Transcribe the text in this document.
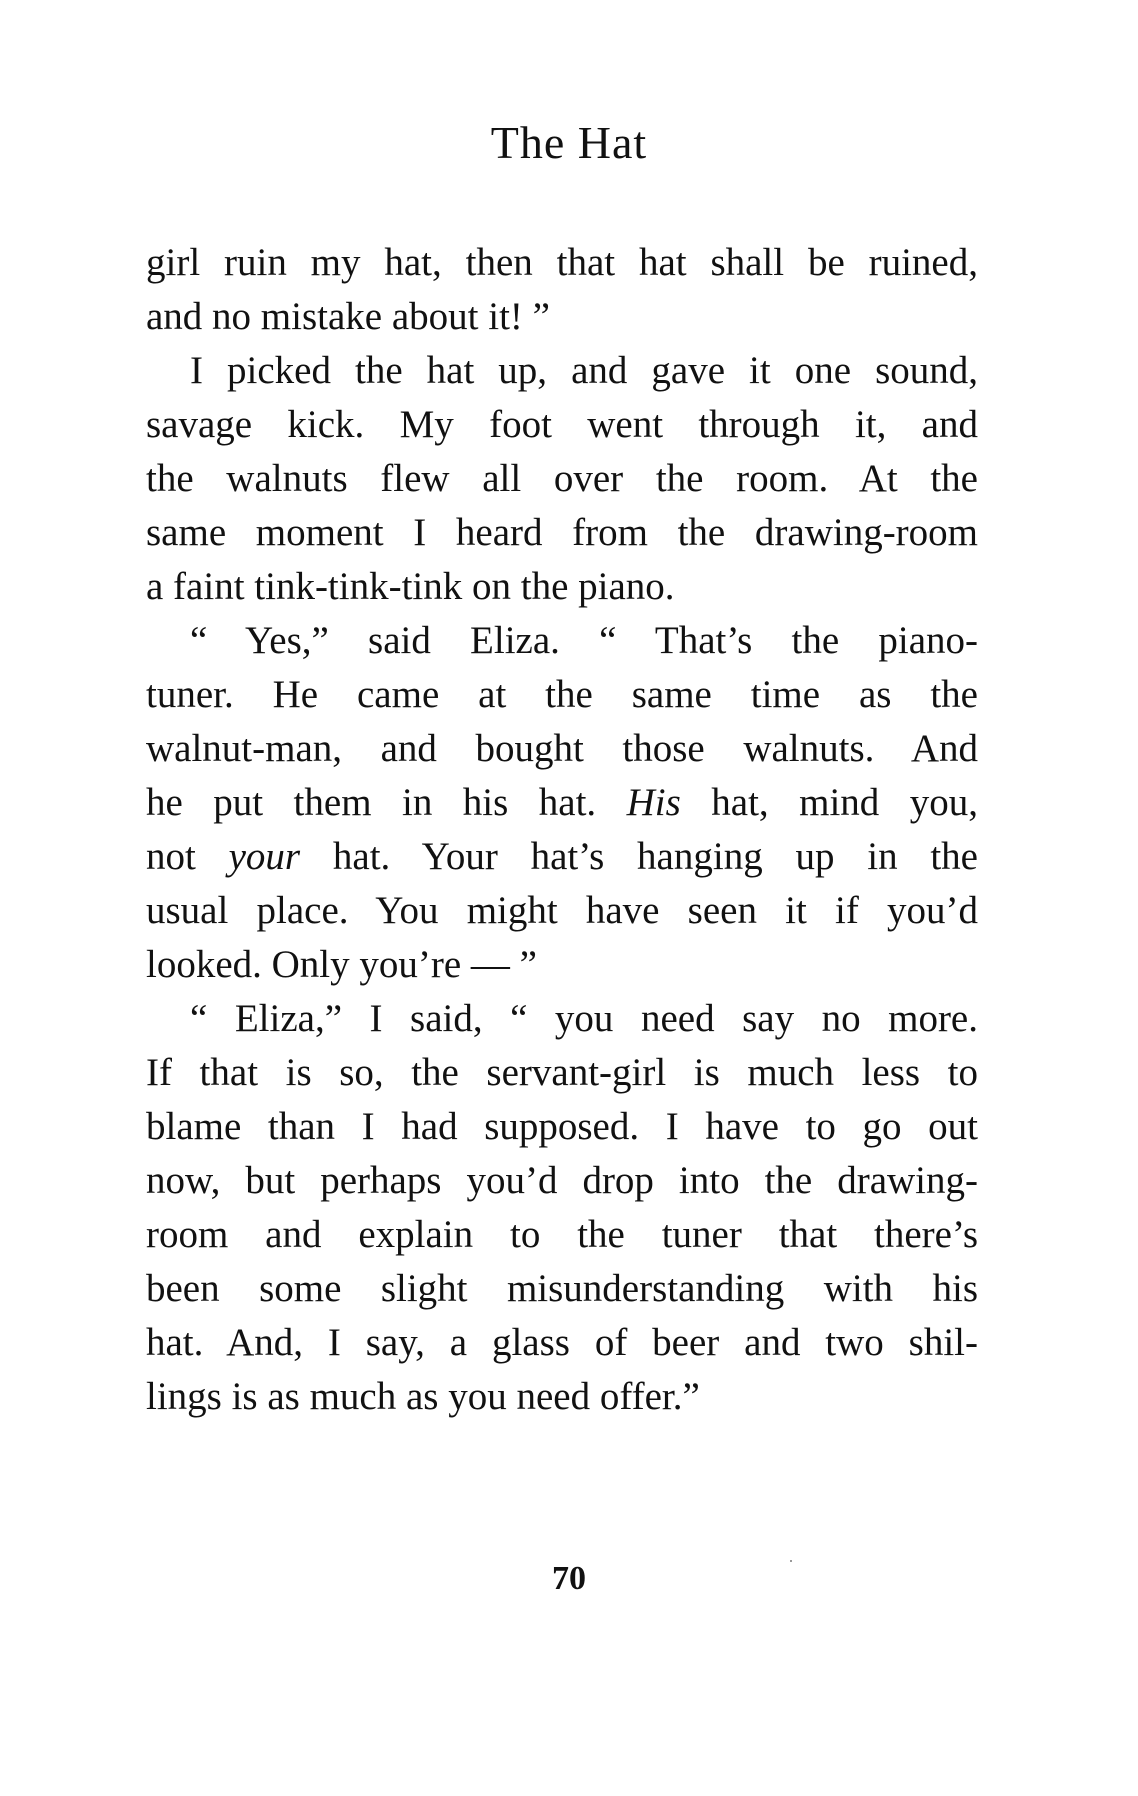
The Hat
girl ruin my hat, then that hat shall be ruined,
and no mistake about it! ”
I picked the hat up, and gave it one sound,
savage kick. My foot went through it, and
the walnuts flew all over the room. At the
same moment I heard from the drawing-room
a faint tink-tink-tink on the piano.
“ Yes,” said Eliza. “ That’s the piano-
tuner. He came at the same time as the
walnut-man, and bought those walnuts. And
he put them in his hat. His hat, mind you,
not your hat. Your hat’s hanging up in the
usual place. You might have seen it if you’d
looked. Only you’re — ”
“ Eliza,” I said, “ you need say no more.
If that is so, the servant-girl is much less to
blame than I had supposed. I have to go out
now, but perhaps you’d drop into the drawing-
room and explain to the tuner that there’s
been some slight misunderstanding with his
hat. And, I say, a glass of beer and two shil-
lings is as much as you need offer.”
70
